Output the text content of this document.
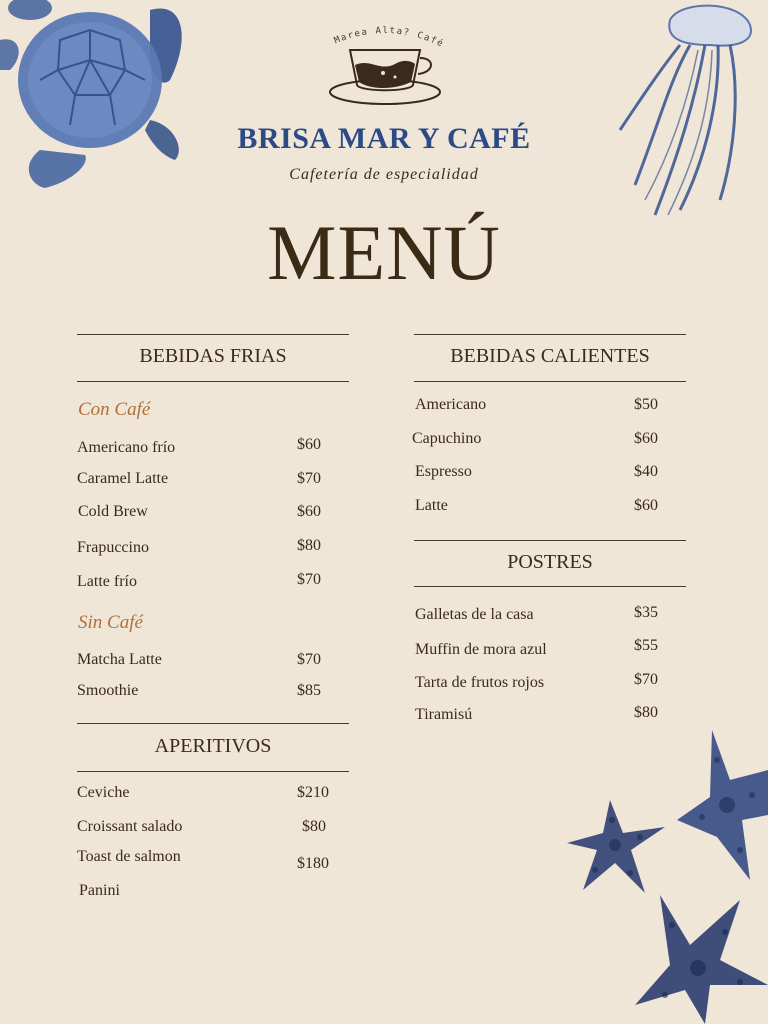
Marea Alta? Café
BRISA MAR Y CAFÉ
Cafetería de especialidad
MENÚ
BEBIDAS FRIAS
Con Café
Americano frío	$60
Caramel Latte	$70
Cold Brew	$60
Frapuccino	$80
Latte frío	$70
Sin Café
Matcha Latte	$70
Smoothie	$85
APERITIVOS
Ceviche	$210
Croissant salado	$80
Toast de salmon	$180
Panini
BEBIDAS CALIENTES
Americano	$50
Capuchino	$60
Espresso	$40
Latte	$60
POSTRES
Galletas de la casa	$35
Muffin de mora azul	$55
Tarta de frutos rojos	$70
Tiramisú	$80
